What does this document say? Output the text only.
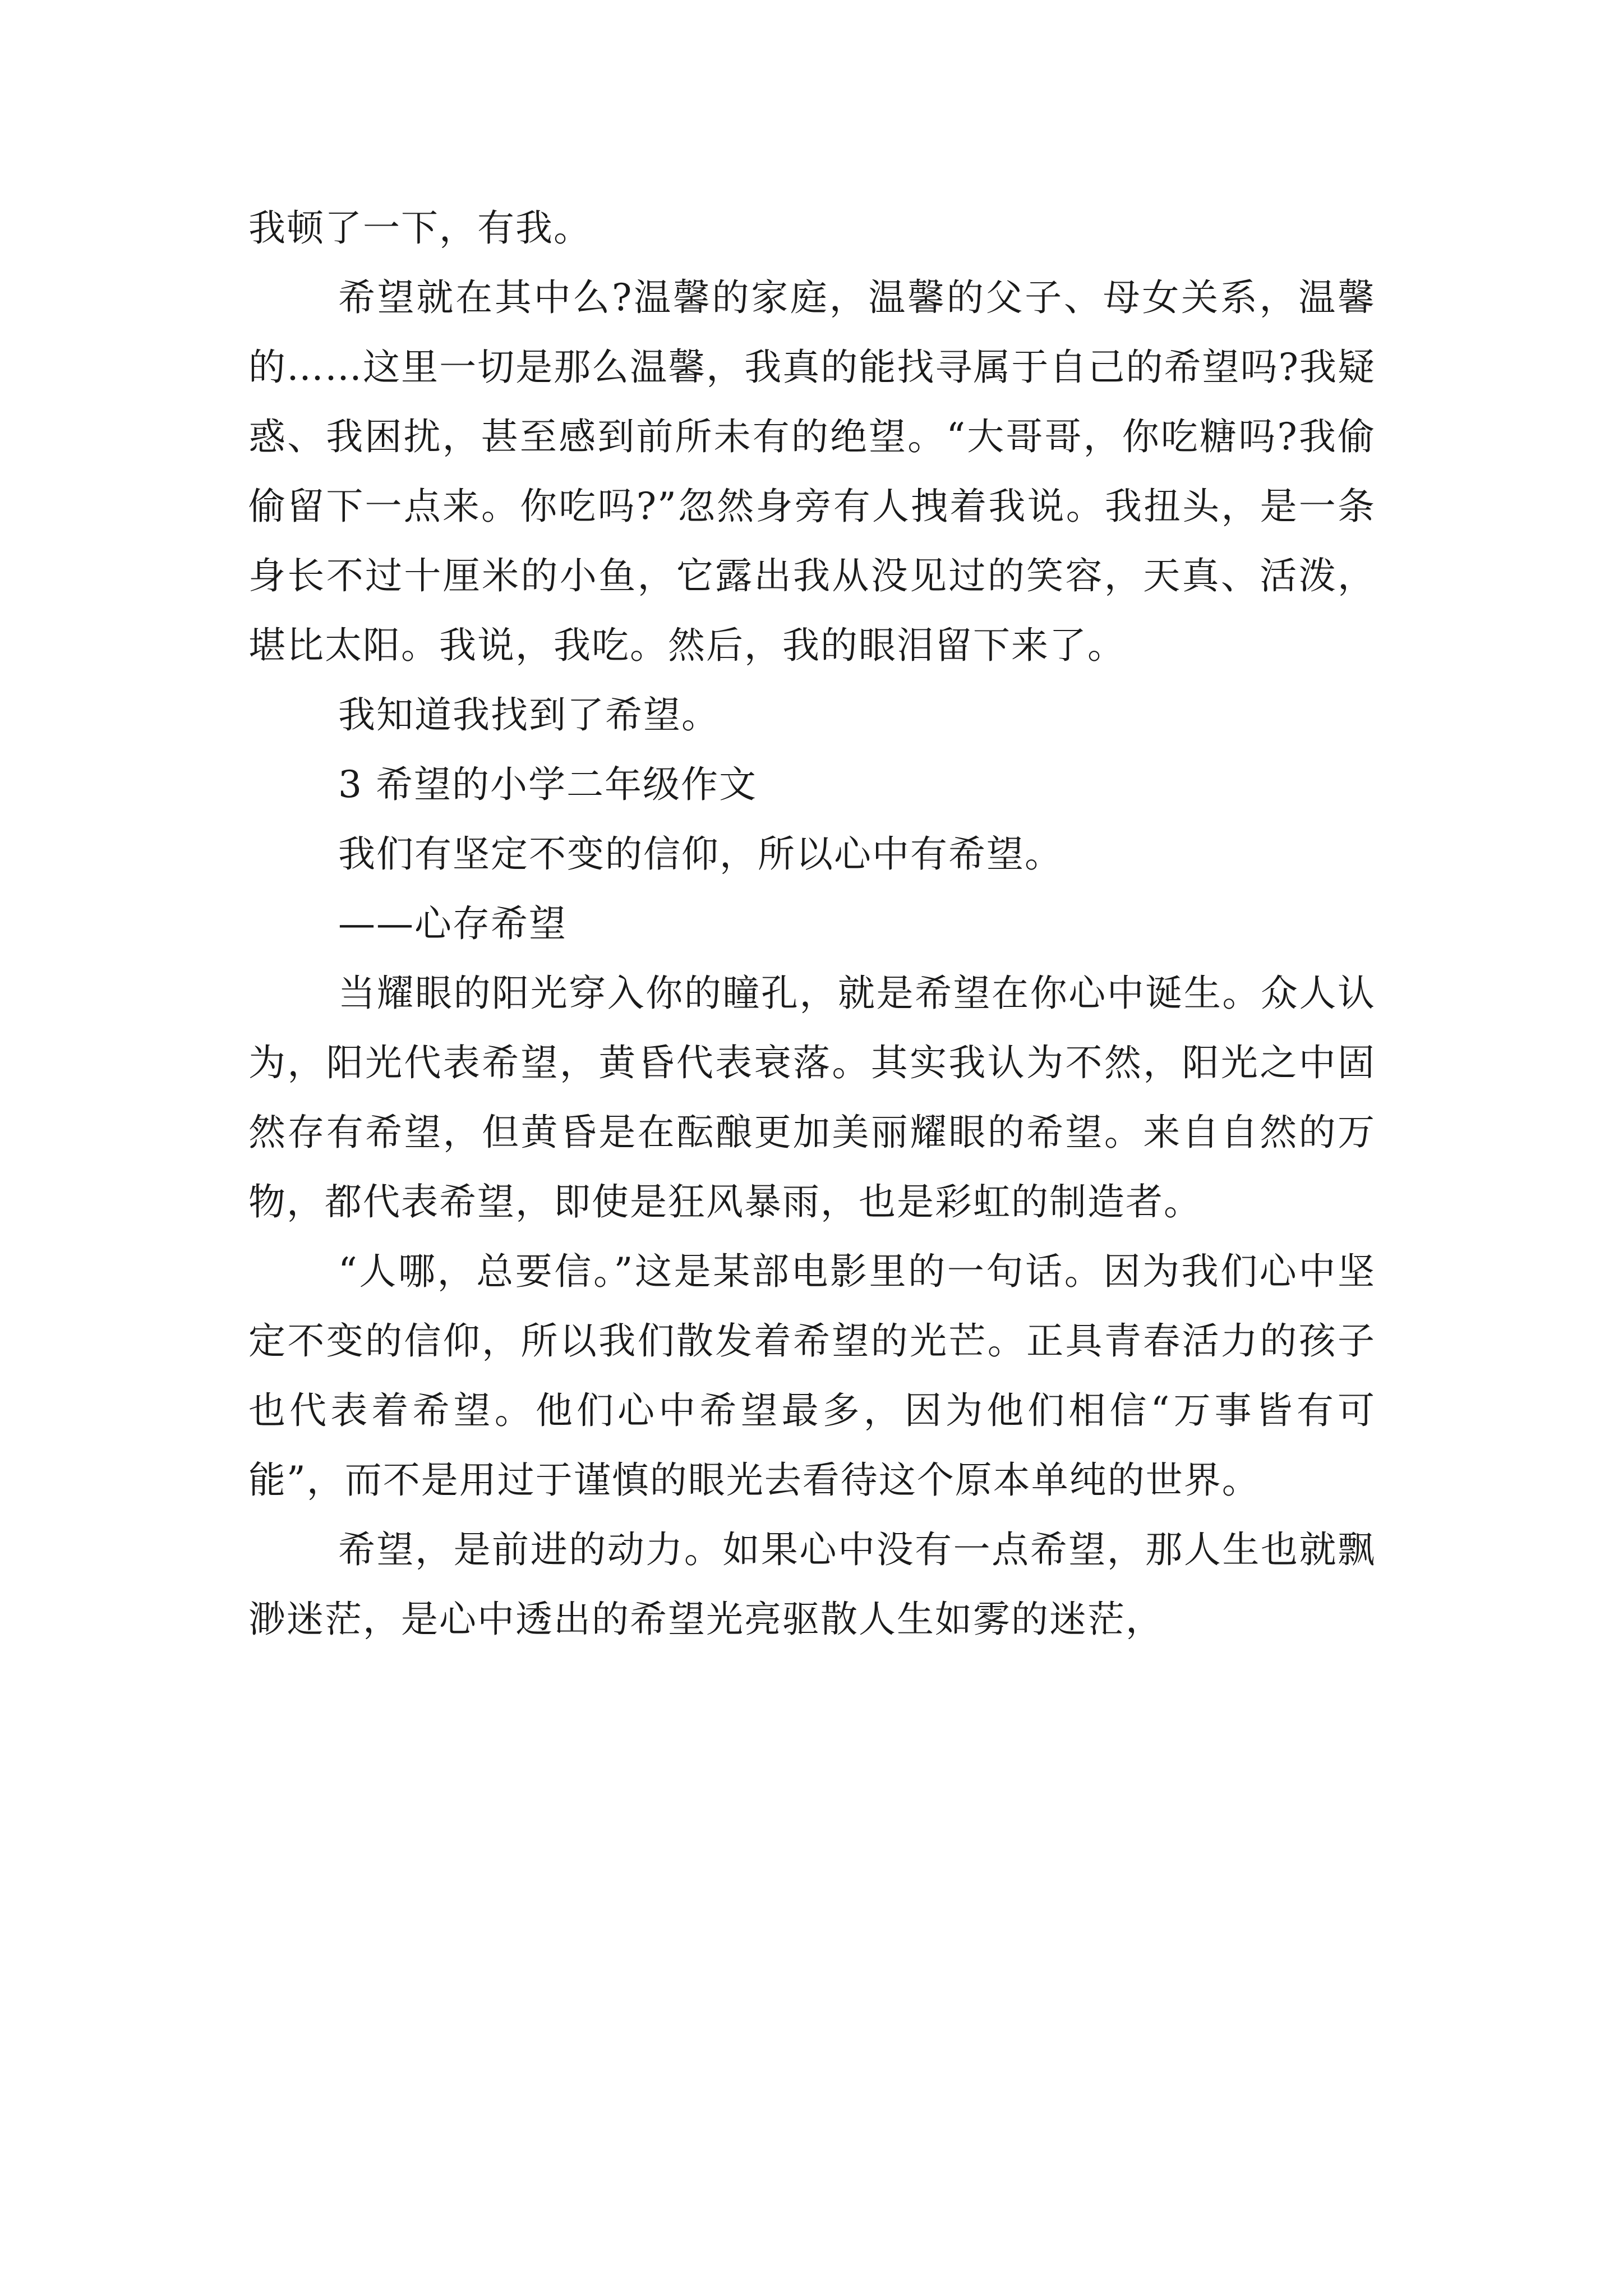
我顿了一下，有我。

希望就在其中么?温馨的家庭，温馨的父子、母女关系，温馨的……这里一切是那么温馨，我真的能找寻属于自己的希望吗?我疑惑、我困扰，甚至感到前所未有的绝望。“大哥哥，你吃糖吗?我偷偷留下一点来。你吃吗?”忽然身旁有人拽着我说。我扭头，是一条身长不过十厘米的小鱼，它露出我从没见过的笑容，天真、活泼，堪比太阳。我说，我吃。然后，我的眼泪留下来了。

我知道我找到了希望。

3 希望的小学二年级作文

我们有坚定不变的信仰，所以心中有希望。

——心存希望

当耀眼的阳光穿入你的瞳孔，就是希望在你心中诞生。众人认为，阳光代表希望，黄昏代表衰落。其实我认为不然，阳光之中固然存有希望，但黄昏是在酝酿更加美丽耀眼的希望。来自自然的万物，都代表希望，即使是狂风暴雨，也是彩虹的制造者。

“人哪，总要信。”这是某部电影里的一句话。因为我们心中坚定不变的信仰，所以我们散发着希望的光芒。正具青春活力的孩子也代表着希望。他们心中希望最多，因为他们相信“万事皆有可能”，而不是用过于谨慎的眼光去看待这个原本单纯的世界。

希望，是前进的动力。如果心中没有一点希望，那人生也就飘渺迷茫，是心中透出的希望光亮驱散人生如雾的迷茫，
